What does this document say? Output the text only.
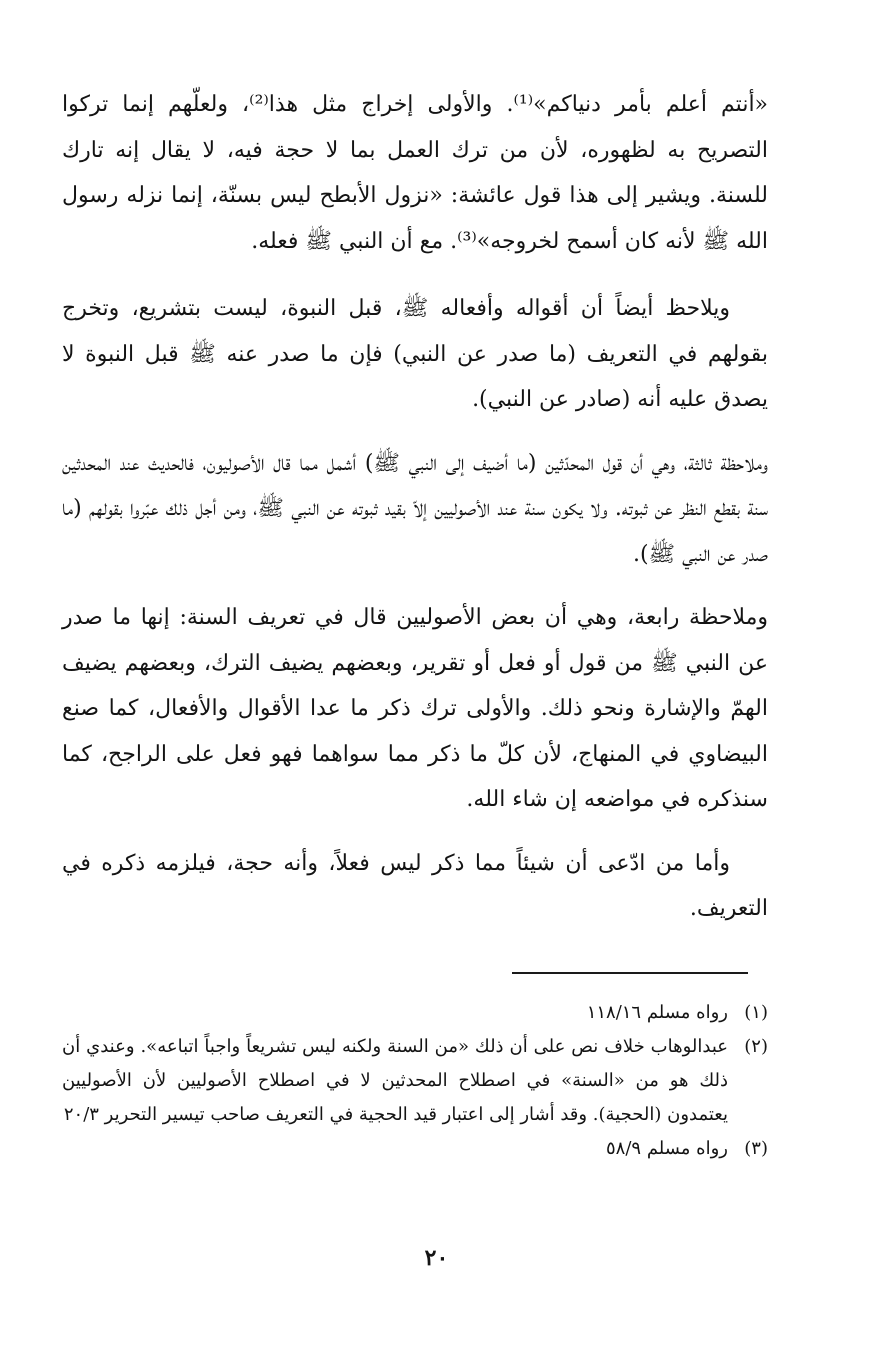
«أنتم أعلم بأمر دنياكم»⁽¹⁾. والأولى إخراج مثل هذا⁽²⁾، ولعلّهم إنما تركوا التصريح به لظهوره، لأن من ترك العمل بما لا حجة فيه، لا يقال إنه تارك للسنة. ويشير إلى هذا قول عائشة: «نزول الأبطح ليس بسنّة، إنما نزله رسول الله ﷺ لأنه كان أسمح لخروجه»⁽³⁾. مع أن النبي ﷺ فعله.

ويلاحظ أيضاً أن أقواله وأفعاله ﷺ، قبل النبوة، ليست بتشريع، وتخرج بقولهم في التعريف (ما صدر عن النبي) فإن ما صدر عنه ﷺ قبل النبوة لا يصدق عليه أنه (صادر عن النبي).

وملاحظة ثالثة، وهي أن قول المحدّثين (ما أضيف إلى النبي ﷺ) أشمل مما قال الأصوليون، فالحديث عند المحدثين سنة بقطع النظر عن ثبوته. ولا يكون سنة عند الأصوليين إلاّ بقيد ثبوته عن النبي ﷺ، ومن أجل ذلك عبّروا بقولهم (ما صدر عن النبي ﷺ).

وملاحظة رابعة، وهي أن بعض الأصوليين قال في تعريف السنة: إنها ما صدر عن النبي ﷺ من قول أو فعل أو تقرير، وبعضهم يضيف الترك، وبعضهم يضيف الهمّ والإشارة ونحو ذلك. والأولى ترك ذكر ما عدا الأقوال والأفعال، كما صنع البيضاوي في المنهاج، لأن كلّ ما ذكر مما سواهما فهو فعل على الراجح، كما سنذكره في مواضعه إن شاء الله.

وأما من ادّعى أن شيئاً مما ذكر ليس فعلاً، وأنه حجة، فيلزمه ذكره في التعريف.

(١)
رواه مسلم ١١٨/١٦
(٢)
عبدالوهاب خلاف نص على أن ذلك «من السنة ولكنه ليس تشريعاً واجباً اتباعه». وعندي أن ذلك هو من «السنة» في اصطلاح المحدثين لا في اصطلاح الأصوليين لأن الأصوليين يعتمدون (الحجية). وقد أشار إلى اعتبار قيد الحجية في التعريف صاحب تيسير التحرير ٢٠/٣
(٣)
رواه مسلم ٥٨/٩
٢٠
